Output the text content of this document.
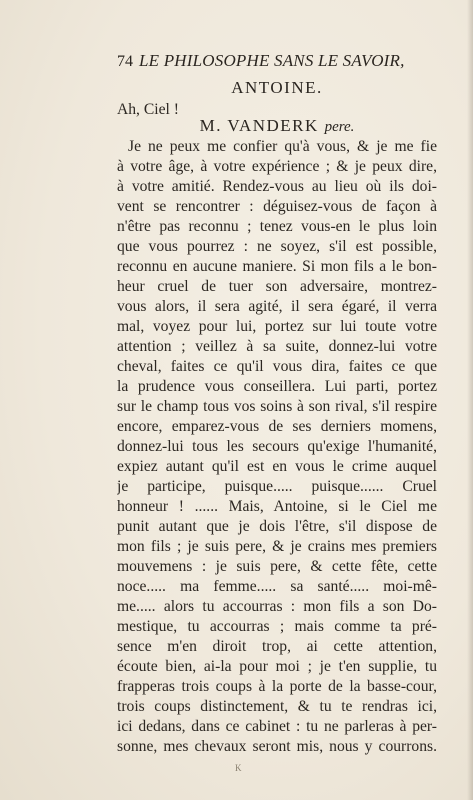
74 LE PHILOSOPHE SANS LE SAVOIR,
ANTOINE.
Ah, Ciel !
M. VANDERK pere.
Je ne peux me confier qu'à vous, & je me fie
à votre âge, à votre expérience ; & je peux dire,
à votre amitié. Rendez-vous au lieu où ils doi-
vent se rencontrer : déguisez-vous de façon à
n'être pas reconnu ; tenez vous-en le plus loin
que vous pourrez : ne soyez, s'il est possible,
reconnu en aucune maniere. Si mon fils a le bon-
heur cruel de tuer son adversaire, montrez-
vous alors, il sera agité, il sera égaré, il verra
mal, voyez pour lui, portez sur lui toute votre
attention ; veillez à sa suite, donnez-lui votre
cheval, faites ce qu'il vous dira, faites ce que
la prudence vous conseillera. Lui parti, portez
sur le champ tous vos soins à son rival, s'il respire
encore, emparez-vous de ses derniers momens,
donnez-lui tous les secours qu'exige l'humanité,
expiez autant qu'il est en vous le crime auquel
je participe, puisque..... puisque...... Cruel
honneur ! ...... Mais, Antoine, si le Ciel me
punit autant que je dois l'être, s'il dispose de
mon fils ; je suis pere, & je crains mes premiers
mouvemens : je suis pere, & cette fête, cette
noce..... ma femme..... sa santé..... moi-mê-
me..... alors tu accourras : mon fils a son Do-
mestique, tu accourras ; mais comme ta pré-
sence m'en diroit trop, ai cette attention,
écoute bien, ai-la pour moi ; je t'en supplie, tu
frapperas trois coups à la porte de la basse-cour,
trois coups distinctement, & tu te rendras ici,
ici dedans, dans ce cabinet : tu ne parleras à per-
sonne, mes chevaux seront mis, nous y courrons.
K
